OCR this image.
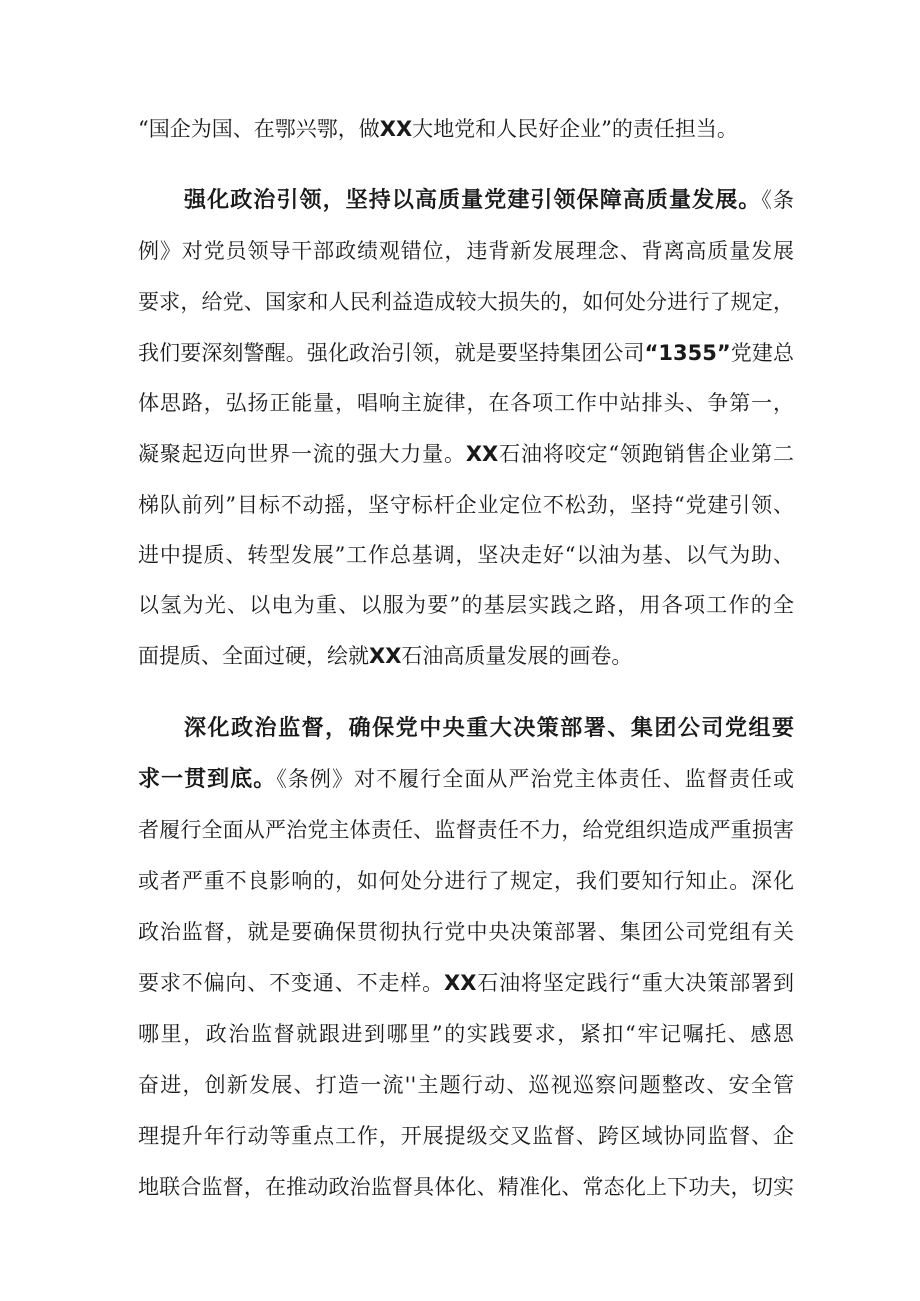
“国企为国、在鄂兴鄂，做XX大地党和人民好企业”的责任担当。
强化政治引领，坚持以高质量党建引领保障高质量发展。《条
例》对党员领导干部政绩观错位，违背新发展理念、背离高质量发展
要求，给党、国家和人民利益造成较大损失的，如何处分进行了规定，
我们要深刻警醒。强化政治引领，就是要坚持集团公司“1355”党建总
体思路，弘扬正能量，唱响主旋律，在各项工作中站排头、争第一，
凝聚起迈向世界一流的强大力量。XX石油将咬定“领跑销售企业第二
梯队前列”目标不动摇，坚守标杆企业定位不松劲，坚持“党建引领、
进中提质、转型发展”工作总基调，坚决走好“以油为基、以气为助、
以氢为光、以电为重、以服为要”的基层实践之路，用各项工作的全
面提质、全面过硬，绘就XX石油高质量发展的画卷。
深化政治监督，确保党中央重大决策部署、集团公司党组要
求一贯到底。《条例》对不履行全面从严治党主体责任、监督责任或
者履行全面从严治党主体责任、监督责任不力，给党组织造成严重损害
或者严重不良影响的，如何处分进行了规定，我们要知行知止。深化
政治监督，就是要确保贯彻执行党中央决策部署、集团公司党组有关
要求不偏向、不变通、不走样。XX石油将坚定践行“重大决策部署到
哪里，政治监督就跟进到哪里”的实践要求，紧扣“牢记嘱托、感恩
奋进，创新发展、打造一流''主题行动、巡视巡察问题整改、安全管
理提升年行动等重点工作，开展提级交叉监督、跨区域协同监督、企
地联合监督，在推动政治监督具体化、精准化、常态化上下功夫，切实
